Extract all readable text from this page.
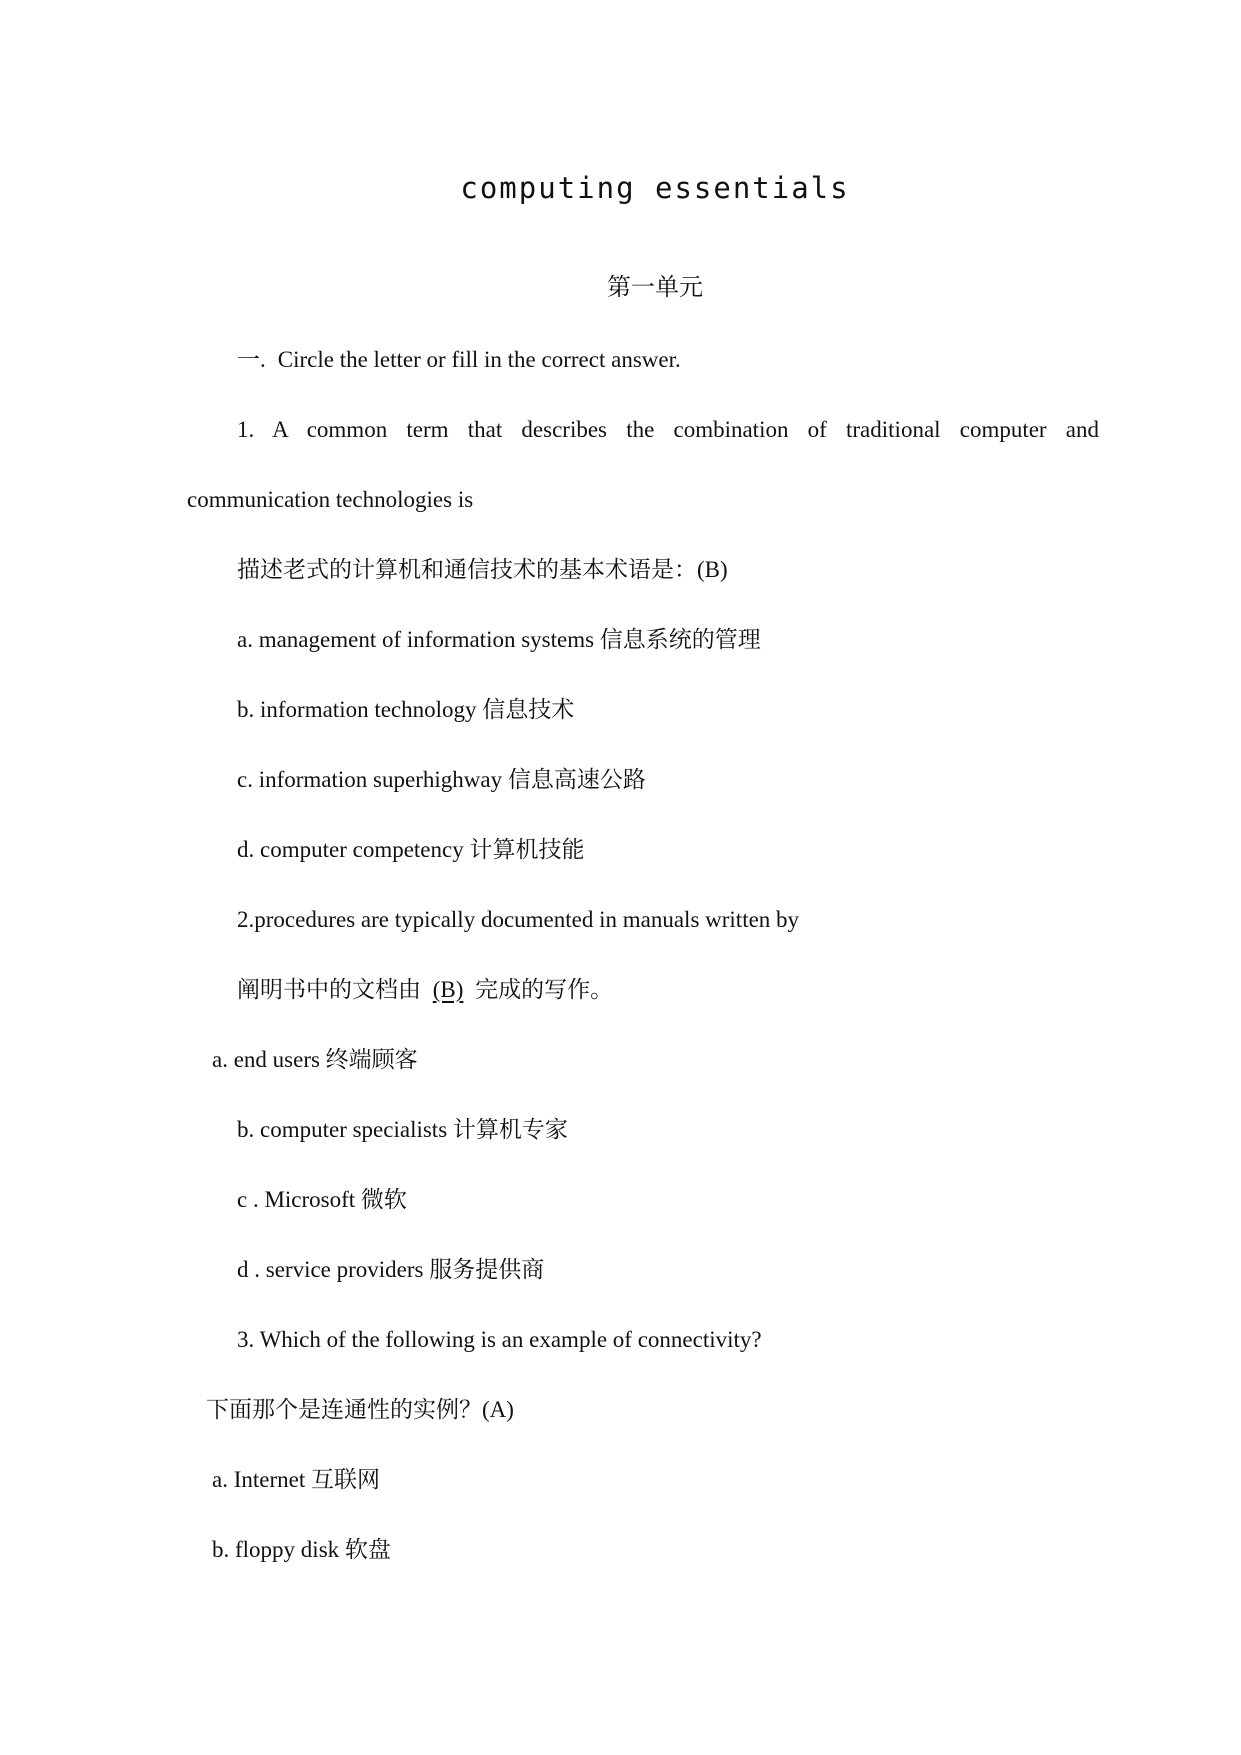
computing essentials
第一单元
一. Circle the letter or fill in the correct answer.
1. A common term that describes the combination of traditional computer and
communication technologies is
描述老式的计算机和通信技术的基本术语是：(B)
a. management of information systems 信息系统的管理
b. information technology 信息技术
c. information superhighway 信息高速公路
d. computer competency 计算机技能
2.procedures are typically documented in manuals written by
阐明书中的文档由 (B) 完成的写作。
a. end users 终端顾客
b. computer specialists 计算机专家
c . Microsoft 微软
d . service providers 服务提供商
3. Which of the following is an example of connectivity?
下面那个是连通性的实例？(A)
a. Internet 互联网
b. floppy disk 软盘
